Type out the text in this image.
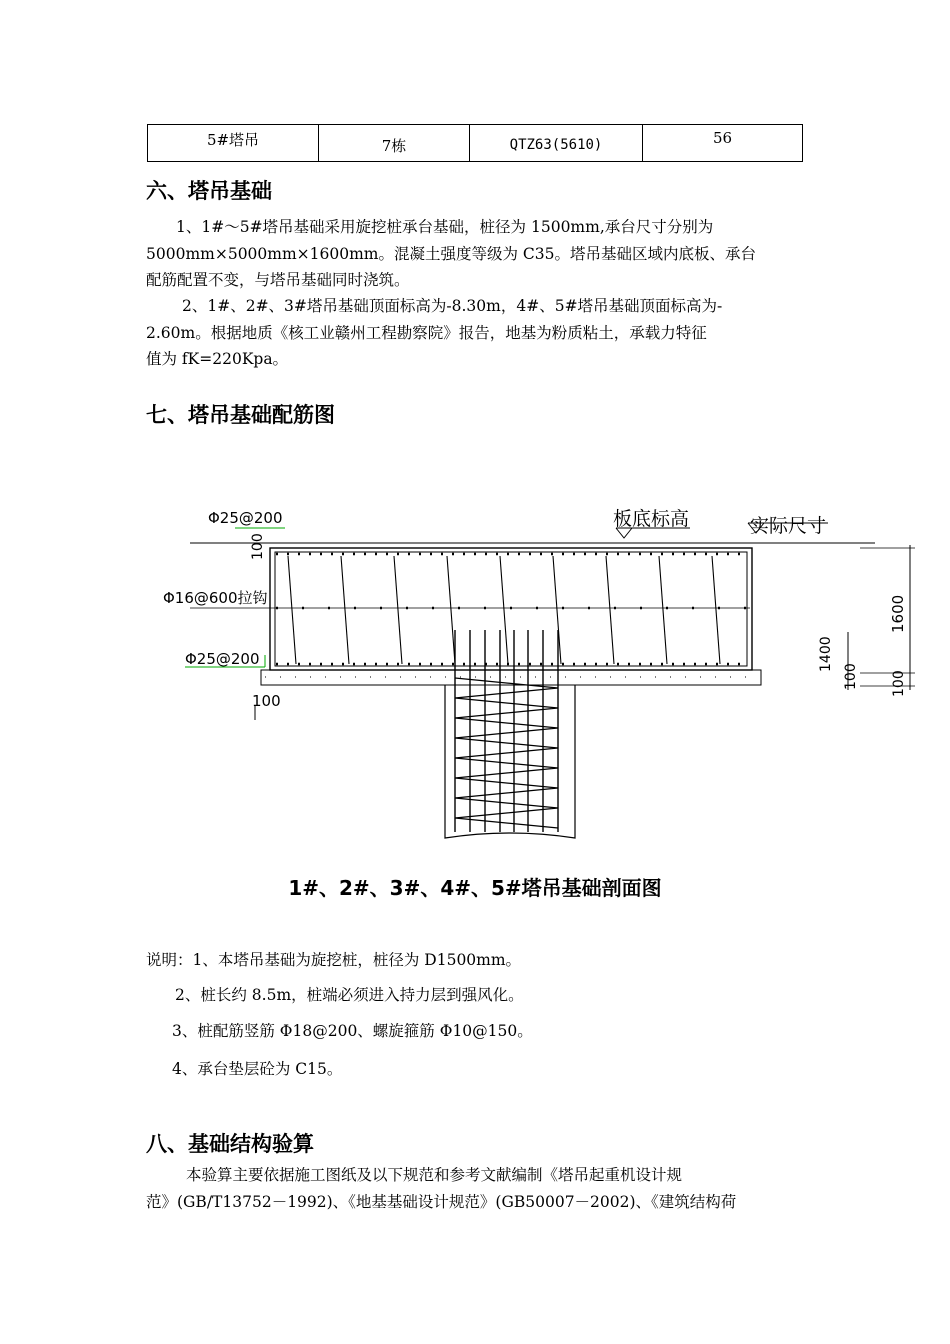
5#塔吊	7栋	QTZ63(5610)	56
六、塔吊基础
1、1#～5#塔吊基础采用旋挖桩承台基础，桩径为 1500mm,承台尺寸分别为
5000mm×5000mm×1600mm。混凝土强度等级为 C35。塔吊基础区域内底板、承台
配筋配置不变，与塔吊基础同时浇筑。
2、1#、2#、3#塔吊基础顶面标高为-8.30m，4#、5#塔吊基础顶面标高为-
2.60m。根据地质《核工业赣州工程勘察院》报告，地基为粉质粘土，承载力特征
值为 fK=220Kpa。
七、塔吊基础配筋图
Φ25@200
Φ16@600拉钩
Φ25@200
板底标高	实际尺寸
100
100
1600
1400
100 100

1#、2#、3#、4#、5#塔吊基础剖面图

说明：1、本塔吊基础为旋挖桩，桩径为 D1500mm。

2、桩长约 8.5m，桩端必须进入持力层到强风化。

3、桩配筋竖筋 Φ18@200、螺旋箍筋 Φ10@150。

4、承台垫层砼为 C15。

八、基础结构验算
本验算主要依据施工图纸及以下规范和参考文献编制《塔吊起重机设计规
范》(GB/T13752－1992)、《地基基础设计规范》(GB50007－2002)、《建筑结构荷
